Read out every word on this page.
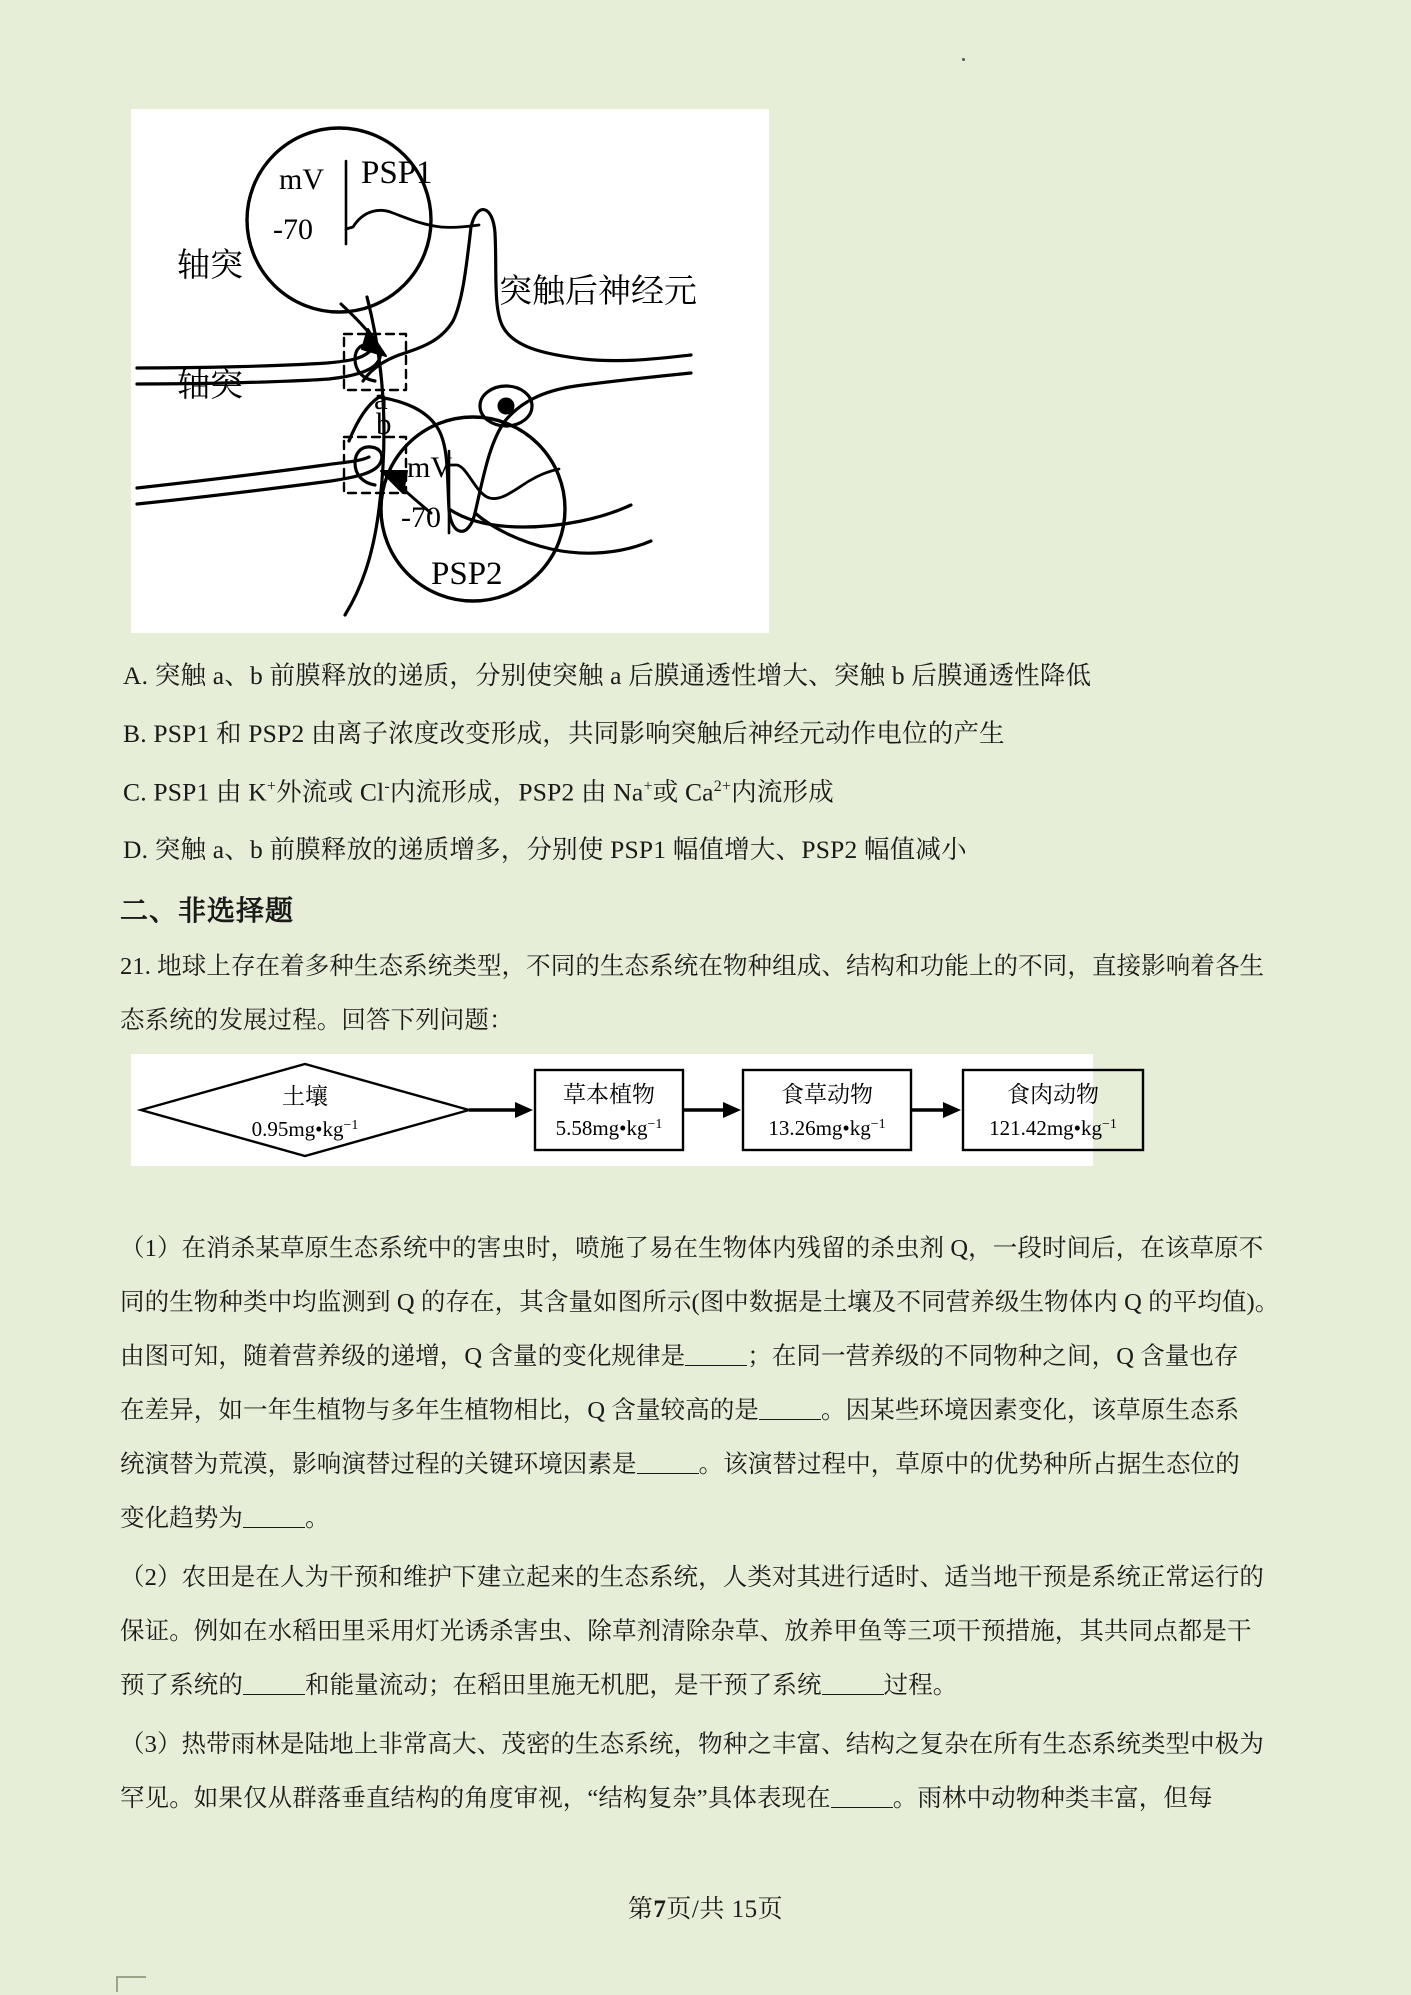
mV
-70
PSP1
mV
-70
PSP2
轴突
轴突	a
b
突触后神经元
A. 突触 a、b 前膜释放的递质，分别使突触 a 后膜通透性增大、突触 b 后膜通透性降低
B. PSP1 和 PSP2 由离子浓度改变形成，共同影响突触后神经元动作电位的产生
C. PSP1 由 K+外流或 Cl-内流形成，PSP2 由 Na+或 $Ca^{2+}$内流形成
D. 突触 a、b 前膜释放的递质增多，分别使 PSP1 幅值增大、PSP2 幅值减小
二、非选择题
21. 地球上存在着多种生态系统类型，不同的生态系统在物种组成、结构和功能上的不同，直接影响着各生
态系统的发展过程。回答下列问题：
土壤
$0.95mg•kg^{-1}$
草本植物
$5.58mg•kg^{-1}$
食草动物
$13.26mg•kg^{-1}$
食肉动物
$121.42mg•kg^{-1}$
（1）在消杀某草原生态系统中的害虫时，喷施了易在生物体内残留的杀虫剂 Q，一段时间后，在该草原不
同的生物种类中均监测到 Q 的存在，其含量如图所示(图中数据是土壤及不同营养级生物体内 Q 的平均值)。
由图可知，随着营养级的递增，Q 含量的变化规律是	；在同一营养级的不同物种之间，Q 含量也存
在差异，如一年生植物与多年生植物相比，Q 含量较高的是	。因某些环境因素变化，该草原生态系
统演替为荒漠，影响演替过程的关键环境因素是	。该演替过程中，草原中的优势种所占据生态位的
变化趋势为	。
（2）农田是在人为干预和维护下建立起来的生态系统，人类对其进行适时、适当地干预是系统正常运行的
保证。例如在水稻田里采用灯光诱杀害虫、除草剂清除杂草、放养甲鱼等三项干预措施，其共同点都是干
预了系统的	和能量流动；在稻田里施无机肥，是干预了系统	过程。
（3）热带雨林是陆地上非常高大、茂密的生态系统，物种之丰富、结构之复杂在所有生态系统类型中极为
罕见。如果仅从群落垂直结构的角度审视，“结构复杂”具体表现在	。雨林中动物种类丰富，但每
第7页/共 15页
